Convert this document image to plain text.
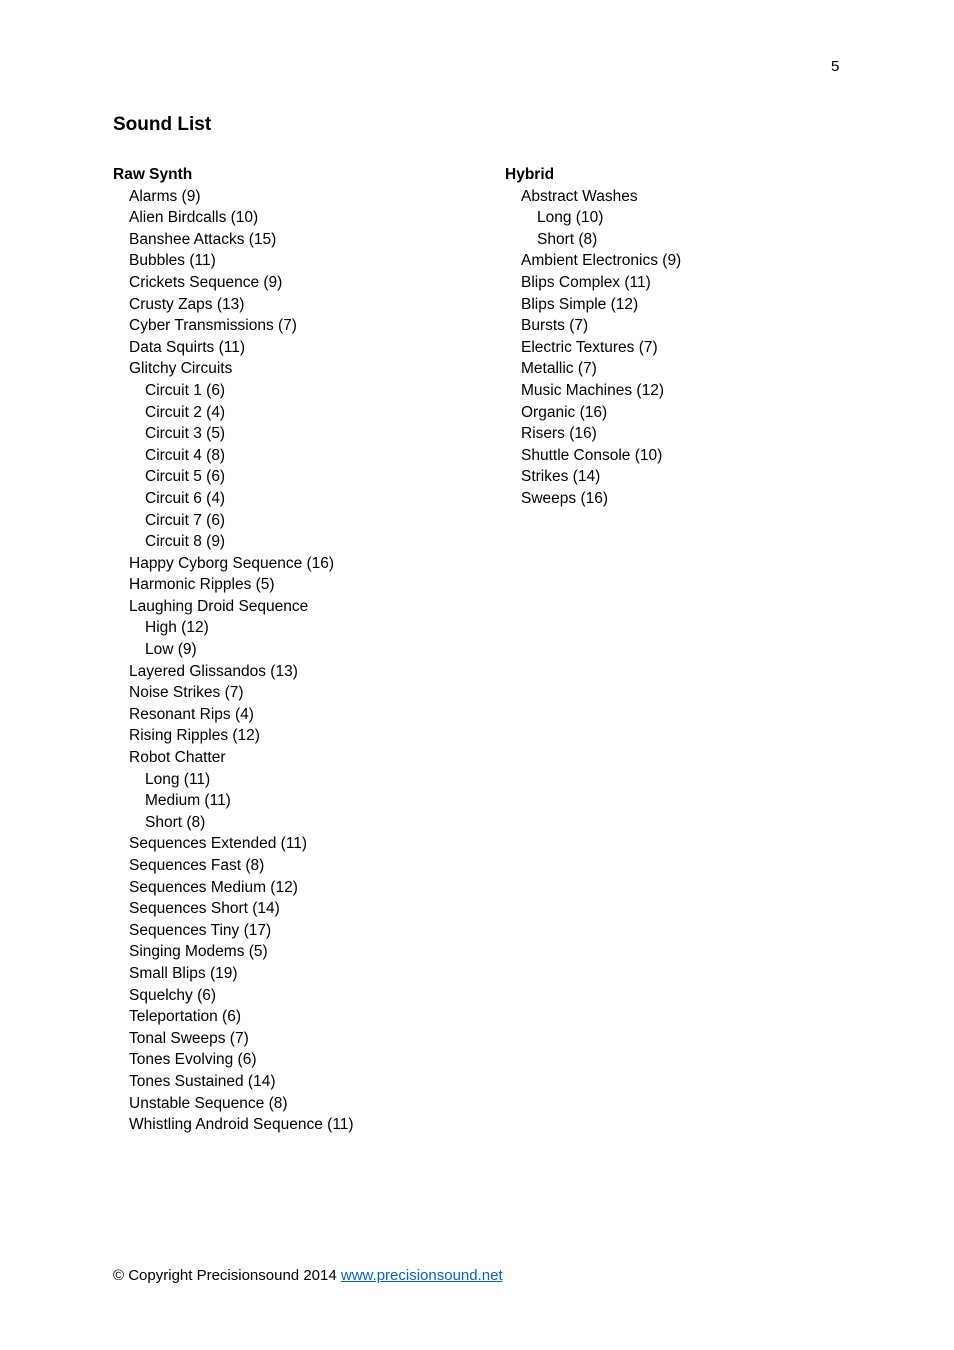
5
Sound List
Raw Synth
Alarms (9)
Alien Birdcalls (10)
Banshee Attacks (15)
Bubbles (11)
Crickets Sequence (9)
Crusty Zaps (13)
Cyber Transmissions (7)
Data Squirts (11)
Glitchy Circuits
Circuit 1 (6)
Circuit 2 (4)
Circuit 3 (5)
Circuit 4 (8)
Circuit 5 (6)
Circuit 6 (4)
Circuit 7 (6)
Circuit 8 (9)
Happy Cyborg Sequence (16)
Harmonic Ripples (5)
Laughing Droid Sequence
High (12)
Low (9)
Layered Glissandos (13)
Noise Strikes (7)
Resonant Rips (4)
Rising Ripples (12)
Robot Chatter
Long (11)
Medium (11)
Short (8)
Sequences Extended (11)
Sequences Fast (8)
Sequences Medium (12)
Sequences Short (14)
Sequences Tiny (17)
Singing Modems (5)
Small Blips (19)
Squelchy (6)
Teleportation (6)
Tonal Sweeps (7)
Tones Evolving (6)
Tones Sustained (14)
Unstable Sequence (8)
Whistling Android Sequence (11)
Hybrid
Abstract Washes
Long (10)
Short (8)
Ambient Electronics (9)
Blips Complex (11)
Blips Simple (12)
Bursts (7)
Electric Textures (7)
Metallic (7)
Music Machines (12)
Organic (16)
Risers (16)
Shuttle Console (10)
Strikes (14)
Sweeps (16)
© Copyright Precisionsound 2014 www.precisionsound.net
